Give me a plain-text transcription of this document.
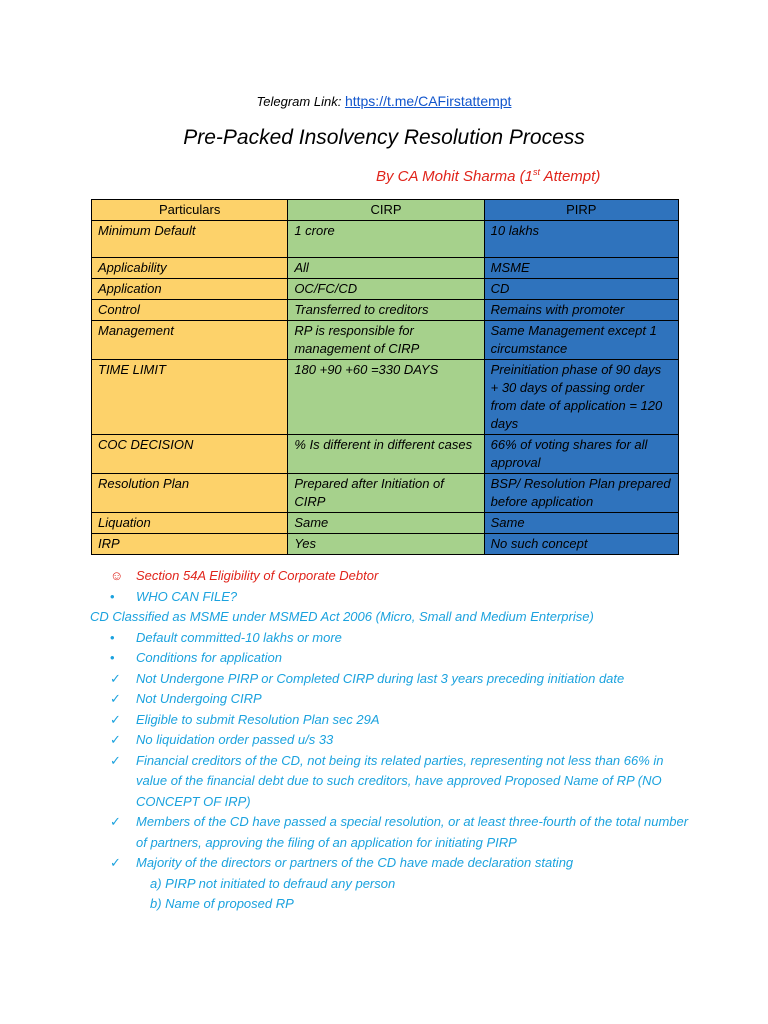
Telegram Link: https://t.me/CAFirstattempt
Pre-Packed Insolvency Resolution Process
By CA Mohit Sharma (1st Attempt)
Particulars	CIRP	PIRP
Minimum Default	1 crore	10 lakhs
Applicability	All	MSME
Application	OC/FC/CD	CD
Control	Transferred to creditors	Remains with promoter
Management	RP is responsible for management of CIRP	Same Management except 1 circumstance
TIME LIMIT	180 +90 +60 =330 DAYS	Preinitiation phase of 90 days + 30 days of passing order from date of application = 120 days
COC DECISION	% Is different in different cases	66% of voting shares for all approval
Resolution Plan	Prepared after Initiation of CIRP	BSP/ Resolution Plan prepared before application
Liquation	Same	Same
IRP	Yes	No such concept
☺ Section 54A Eligibility of Corporate Debtor
• WHO CAN FILE?
CD Classified as MSME under MSMED Act 2006 (Micro, Small and Medium Enterprise)
• Default committed-10 lakhs or more
• Conditions for application
✓ Not Undergone PIRP or Completed CIRP during last 3 years preceding initiation date
✓ Not Undergoing CIRP
✓ Eligible to submit Resolution Plan sec 29A
✓ No liquidation order passed u/s 33
✓ Financial creditors of the CD, not being its related parties, representing not less than 66% in value of the financial debt due to such creditors, have approved Proposed Name of RP (NO CONCEPT OF IRP)
✓ Members of the CD have passed a special resolution, or at least three-fourth of the total number of partners, approving the filing of an application for initiating PIRP
✓ Majority of the directors or partners of the CD have made declaration stating
a) PIRP not initiated to defraud any person
b) Name of proposed RP
